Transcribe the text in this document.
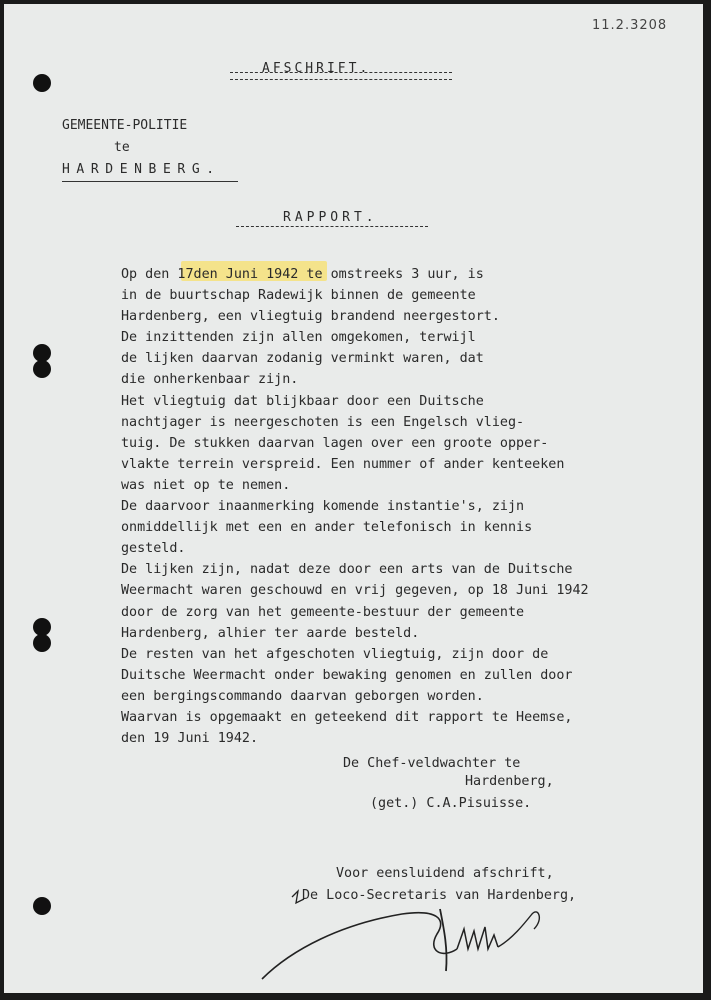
11.2.3208
AFSCHRIFT.
GEMEENTE-POLITIE
te
HARDENBERG.
RAPPORT.
Op den 17den Juni 1942 te omstreeks 3 uur, is
in de buurtschap Radewijk binnen de gemeente
Hardenberg, een vliegtuig brandend neergestort.
De inzittenden zijn allen omgekomen, terwijl
de lijken daarvan zodanig verminkt waren, dat
die onherkenbaar zijn.
Het vliegtuig dat blijkbaar door een Duitsche
nachtjager is neergeschoten is een Engelsch vlieg-
tuig. De stukken daarvan lagen over een groote opper-
vlakte terrein verspreid. Een nummer of ander kenteeken
was niet op te nemen.
De daarvoor inaanmerking komende instantie's, zijn
onmiddellijk met een en ander telefonisch in kennis
gesteld.
De lijken zijn, nadat deze door een arts van de Duitsche
Weermacht waren geschouwd en vrij gegeven, op 18 Juni 1942
door de zorg van het gemeente-bestuur der gemeente
Hardenberg, alhier ter aarde besteld.
De resten van het afgeschoten vliegtuig, zijn door de
Duitsche Weermacht onder bewaking genomen en zullen door
een bergingscommando daarvan geborgen worden.
Waarvan is opgemaakt en geteekend dit rapport te Heemse,
den 19 Juni 1942.
De Chef-veldwachter te
Hardenberg,
(get.) C.A.Pisuisse.
Voor eensluidend afschrift,
De Loco-Secretaris van Hardenberg,
